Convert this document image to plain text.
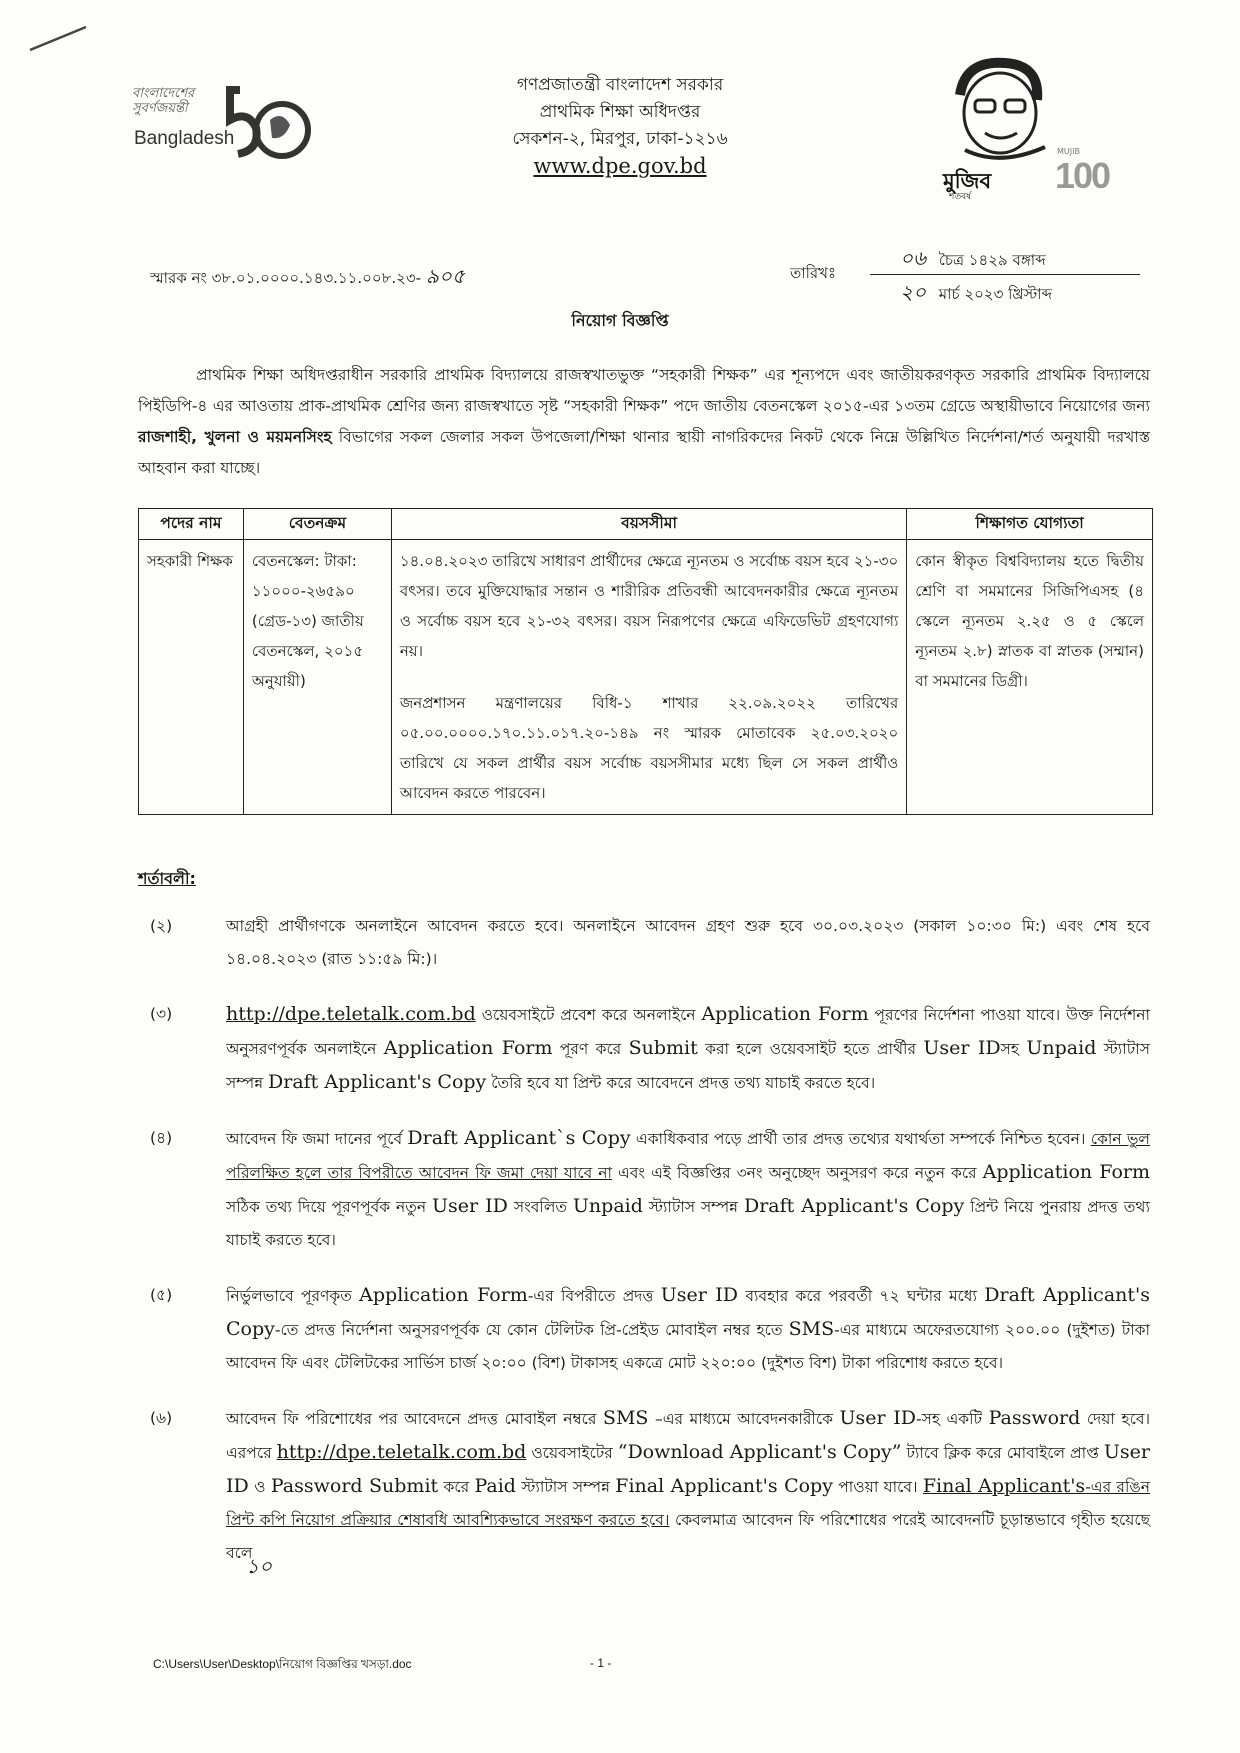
বাংলাদেশের
সুবর্ণজয়ন্তী
Bangladesh
মুজিব
শতবর্ষ
MUJIB
100
গণপ্রজাতন্ত্রী বাংলাদেশ সরকার
প্রাথমিক শিক্ষা অধিদপ্তর
সেকশন-২, মিরপুর, ঢাকা-১২১৬
www.dpe.gov.bd
স্মারক নং ৩৮.০১.০০০০.১৪৩.১১.০০৮.২৩- ৯০৫	তারিখঃ
০৬ চৈত্র ১৪২৯ বঙ্গাব্দ
২০ মার্চ ২০২৩ খ্রিস্টাব্দ
নিয়োগ বিজ্ঞপ্তি
প্রাথমিক শিক্ষা অধিদপ্তরাধীন সরকারি প্রাথমিক বিদ্যালয়ে রাজস্বখাতভুক্ত “সহকারী শিক্ষক” এর শূন্যপদে এবং জাতীয়করণকৃত সরকারি প্রাথমিক বিদ্যালয়ে পিইডিপি-৪ এর আওতায় প্রাক-প্রাথমিক শ্রেণির জন্য রাজস্বখাতে সৃষ্ট “সহকারী শিক্ষক” পদে জাতীয় বেতনস্কেল ২০১৫-এর ১৩তম গ্রেডে অস্থায়ীভাবে নিয়োগের জন্য রাজশাহী, খুলনা ও ময়মনসিংহ বিভাগের সকল জেলার সকল উপজেলা/শিক্ষা থানার স্থায়ী নাগরিকদের নিকট থেকে নিম্নে উল্লিখিত নির্দেশনা/শর্ত অনুযায়ী দরখাস্ত আহবান করা যাচ্ছে।
পদের নাম	বেতনক্রম	বয়সসীমা	শিক্ষাগত যোগ্যতা
সহকারী শিক্ষক	বেতনস্কেল: টাকা: ১১০০০-২৬৫৯০ (গ্রেড-১৩) জাতীয় বেতনস্কেল, ২০১৫ অনুযায়ী)	১৪.০৪.২০২৩ তারিখে সাধারণ প্রার্থীদের ক্ষেত্রে ন্যূনতম ও সর্বোচ্চ বয়স হবে ২১-৩০ বৎসর। তবে মুক্তিযোদ্ধার সন্তান ও শারীরিক প্রতিবন্ধী আবেদনকারীর ক্ষেত্রে ন্যূনতম ও সর্বোচ্চ বয়স হবে ২১-৩২ বৎসর। বয়স নিরূপণের ক্ষেত্রে এফিডেভিট গ্রহণযোগ্য নয়।
জনপ্রশাসন মন্ত্রণালয়ের বিধি-১ শাখার ২২.০৯.২০২২ তারিখের ০৫.০০.০০০০.১৭০.১১.০১৭.২০-১৪৯ নং স্মারক মোতাবেক ২৫.০৩.২০২০ তারিখে যে সকল প্রার্থীর বয়স সর্বোচ্চ বয়সসীমার মধ্যে ছিল সে সকল প্রার্থীও আবেদন করতে পারবেন।	কোন স্বীকৃত বিশ্ববিদ্যালয় হতে দ্বিতীয় শ্রেণি বা সমমানের সিজিপিএসহ (৪ স্কেলে ন্যূনতম ২.২৫ ও ৫ স্কেলে ন্যূনতম ২.৮) স্নাতক বা স্নাতক (সম্মান) বা সমমানের ডিগ্রী।
শর্তাবলী:
(২)	আগ্রহী প্রার্থীগণকে অনলাইনে আবেদন করতে হবে। অনলাইনে আবেদন গ্রহণ শুরু হবে ৩০.০৩.২০২৩ (সকাল ১০:৩০ মি:) এবং শেষ হবে ১৪.০৪.২০২৩ (রাত ১১:৫৯ মি:)।
(৩)	http://dpe.teletalk.com.bd ওয়েবসাইটে প্রবেশ করে অনলাইনে Application Form পূরণের নির্দেশনা পাওয়া যাবে। উক্ত নির্দেশনা অনুসরণপূর্বক অনলাইনে Application Form পূরণ করে Submit করা হলে ওয়েবসাইট হতে প্রার্থীর User IDসহ Unpaid স্ট্যাটাস সম্পন্ন Draft Applicant's Copy তৈরি হবে যা প্রিন্ট করে আবেদনে প্রদত্ত তথ্য যাচাই করতে হবে।
(৪)	আবেদন ফি জমা দানের পূর্বে Draft Applicant`s Copy একাধিকবার পড়ে প্রার্থী তার প্রদত্ত তথ্যের যথার্থতা সম্পর্কে নিশ্চিত হবেন। কোন ভুল পরিলক্ষিত হলে তার বিপরীতে আবেদন ফি জমা দেয়া যাবে না এবং এই বিজ্ঞপ্তির ৩নং অনুচ্ছেদ অনুসরণ করে নতুন করে Application Form সঠিক তথ্য দিয়ে পূরণপূর্বক নতুন User ID সংবলিত Unpaid স্ট্যাটাস সম্পন্ন Draft Applicant's Copy প্রিন্ট নিয়ে পুনরায় প্রদত্ত তথ্য যাচাই করতে হবে।
(৫)	নির্ভুলভাবে পূরণকৃত Application Form-এর বিপরীতে প্রদত্ত User ID ব্যবহার করে পরবর্তী ৭২ ঘন্টার মধ্যে Draft Applicant's Copy-তে প্রদত্ত নির্দেশনা অনুসরণপূর্বক যে কোন টেলিটক প্রি-প্রেইড মোবাইল নম্বর হতে SMS-এর মাধ্যমে অফেরতযোগ্য ২০০.০০ (দুইশত) টাকা আবেদন ফি এবং টেলিটকের সার্ভিস চার্জ ২০:০০ (বিশ) টাকাসহ একত্রে মোট ২২০:০০ (দুইশত বিশ) টাকা পরিশোধ করতে হবে।
(৬)	আবেদন ফি পরিশোধের পর আবেদনে প্রদত্ত মোবাইল নম্বরে SMS –এর মাধ্যমে আবেদনকারীকে User ID-সহ একটি Password দেয়া হবে। এরপরে http://dpe.teletalk.com.bd ওয়েবসাইটের “Download Applicant's Copy” ট্যাবে ক্লিক করে মোবাইলে প্রাপ্ত User ID ও Password Submit করে Paid স্ট্যাটাস সম্পন্ন Final Applicant's Copy পাওয়া যাবে। Final Applicant's-এর রঙিন প্রিন্ট কপি নিয়োগ প্রক্রিয়ার শেষাবধি আবশ্যিকভাবে সংরক্ষণ করতে হবে। কেবলমাত্র আবেদন ফি পরিশোধের পরেই আবেদনটি চূড়ান্তভাবে গৃহীত হয়েছে বলে
১০
C:\Users\User\Desktop\নিয়োগ বিজ্ঞপ্তির খসড়া.doc	- 1 -
